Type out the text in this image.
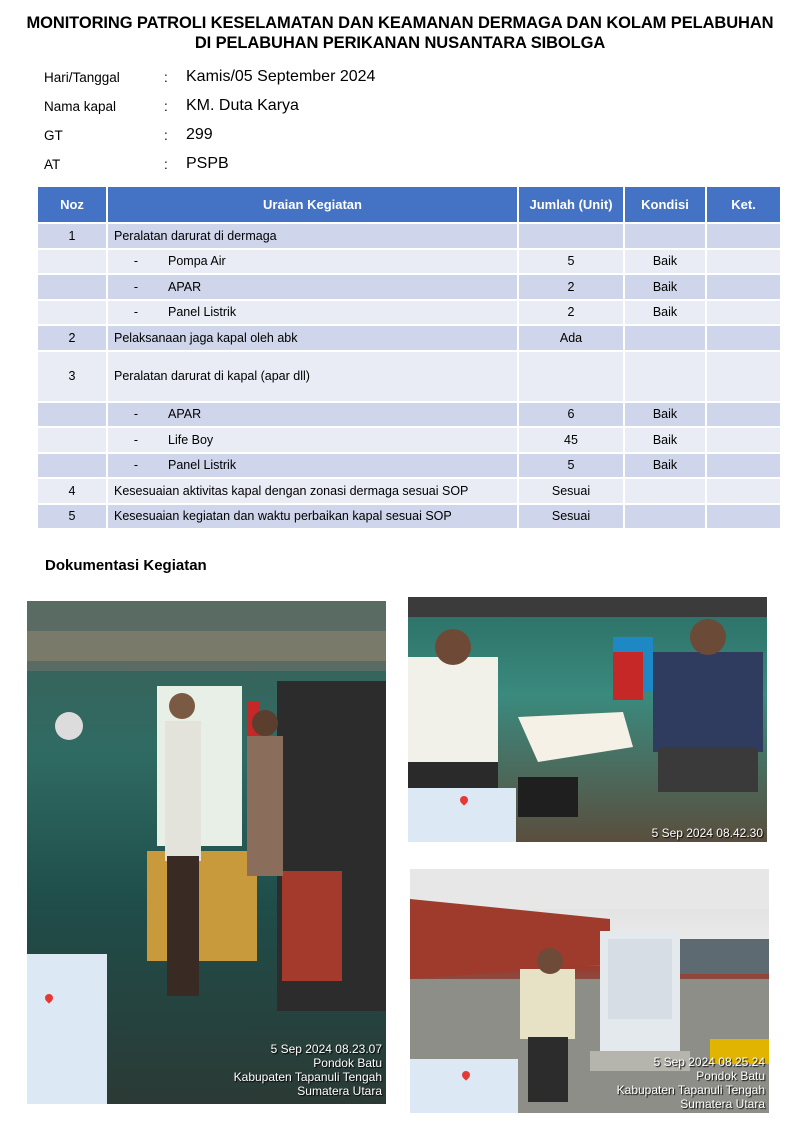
MONITORING PATROLI KESELAMATAN DAN KEAMANAN DERMAGA DAN KOLAM PELABUHAN
DI PELABUHAN PERIKANAN NUSANTARA SIBOLGA
Hari/Tanggal	: Kamis/05 September 2024
Nama kapal	: KM. Duta Karya
GT	: 299
AT	: PSPB
Noz	Uraian Kegiatan	Jumlah (Unit)	Kondisi	Ket.
1	Peralatan darurat di dermaga			

	- Pompa Air	5	Baik	

	- APAR	2	Baik	

	- Panel Listrik	2	Baik	
2	Pelaksanaan jaga kapal oleh abk	Ada		
3	Peralatan darurat di kapal (apar dll)			

	- APAR	6	Baik	

	- Life Boy	45	Baik	

	- Panel Listrik	5	Baik	
4	Kesesuaian aktivitas kapal dengan zonasi dermaga sesuai SOP	Sesuai		
5	Kesesuaian kegiatan dan waktu perbaikan kapal sesuai SOP	Sesuai		
Dokumentasi Kegiatan
5 Sep 2024 08.23.07
Pondok Batu
Kabupaten Tapanuli Tengah
Sumatera Utara
5 Sep 2024 08.42.30
5 Sep 2024 08.25.24
Pondok Batu
Kabupaten Tapanuli Tengah
Sumatera Utara
